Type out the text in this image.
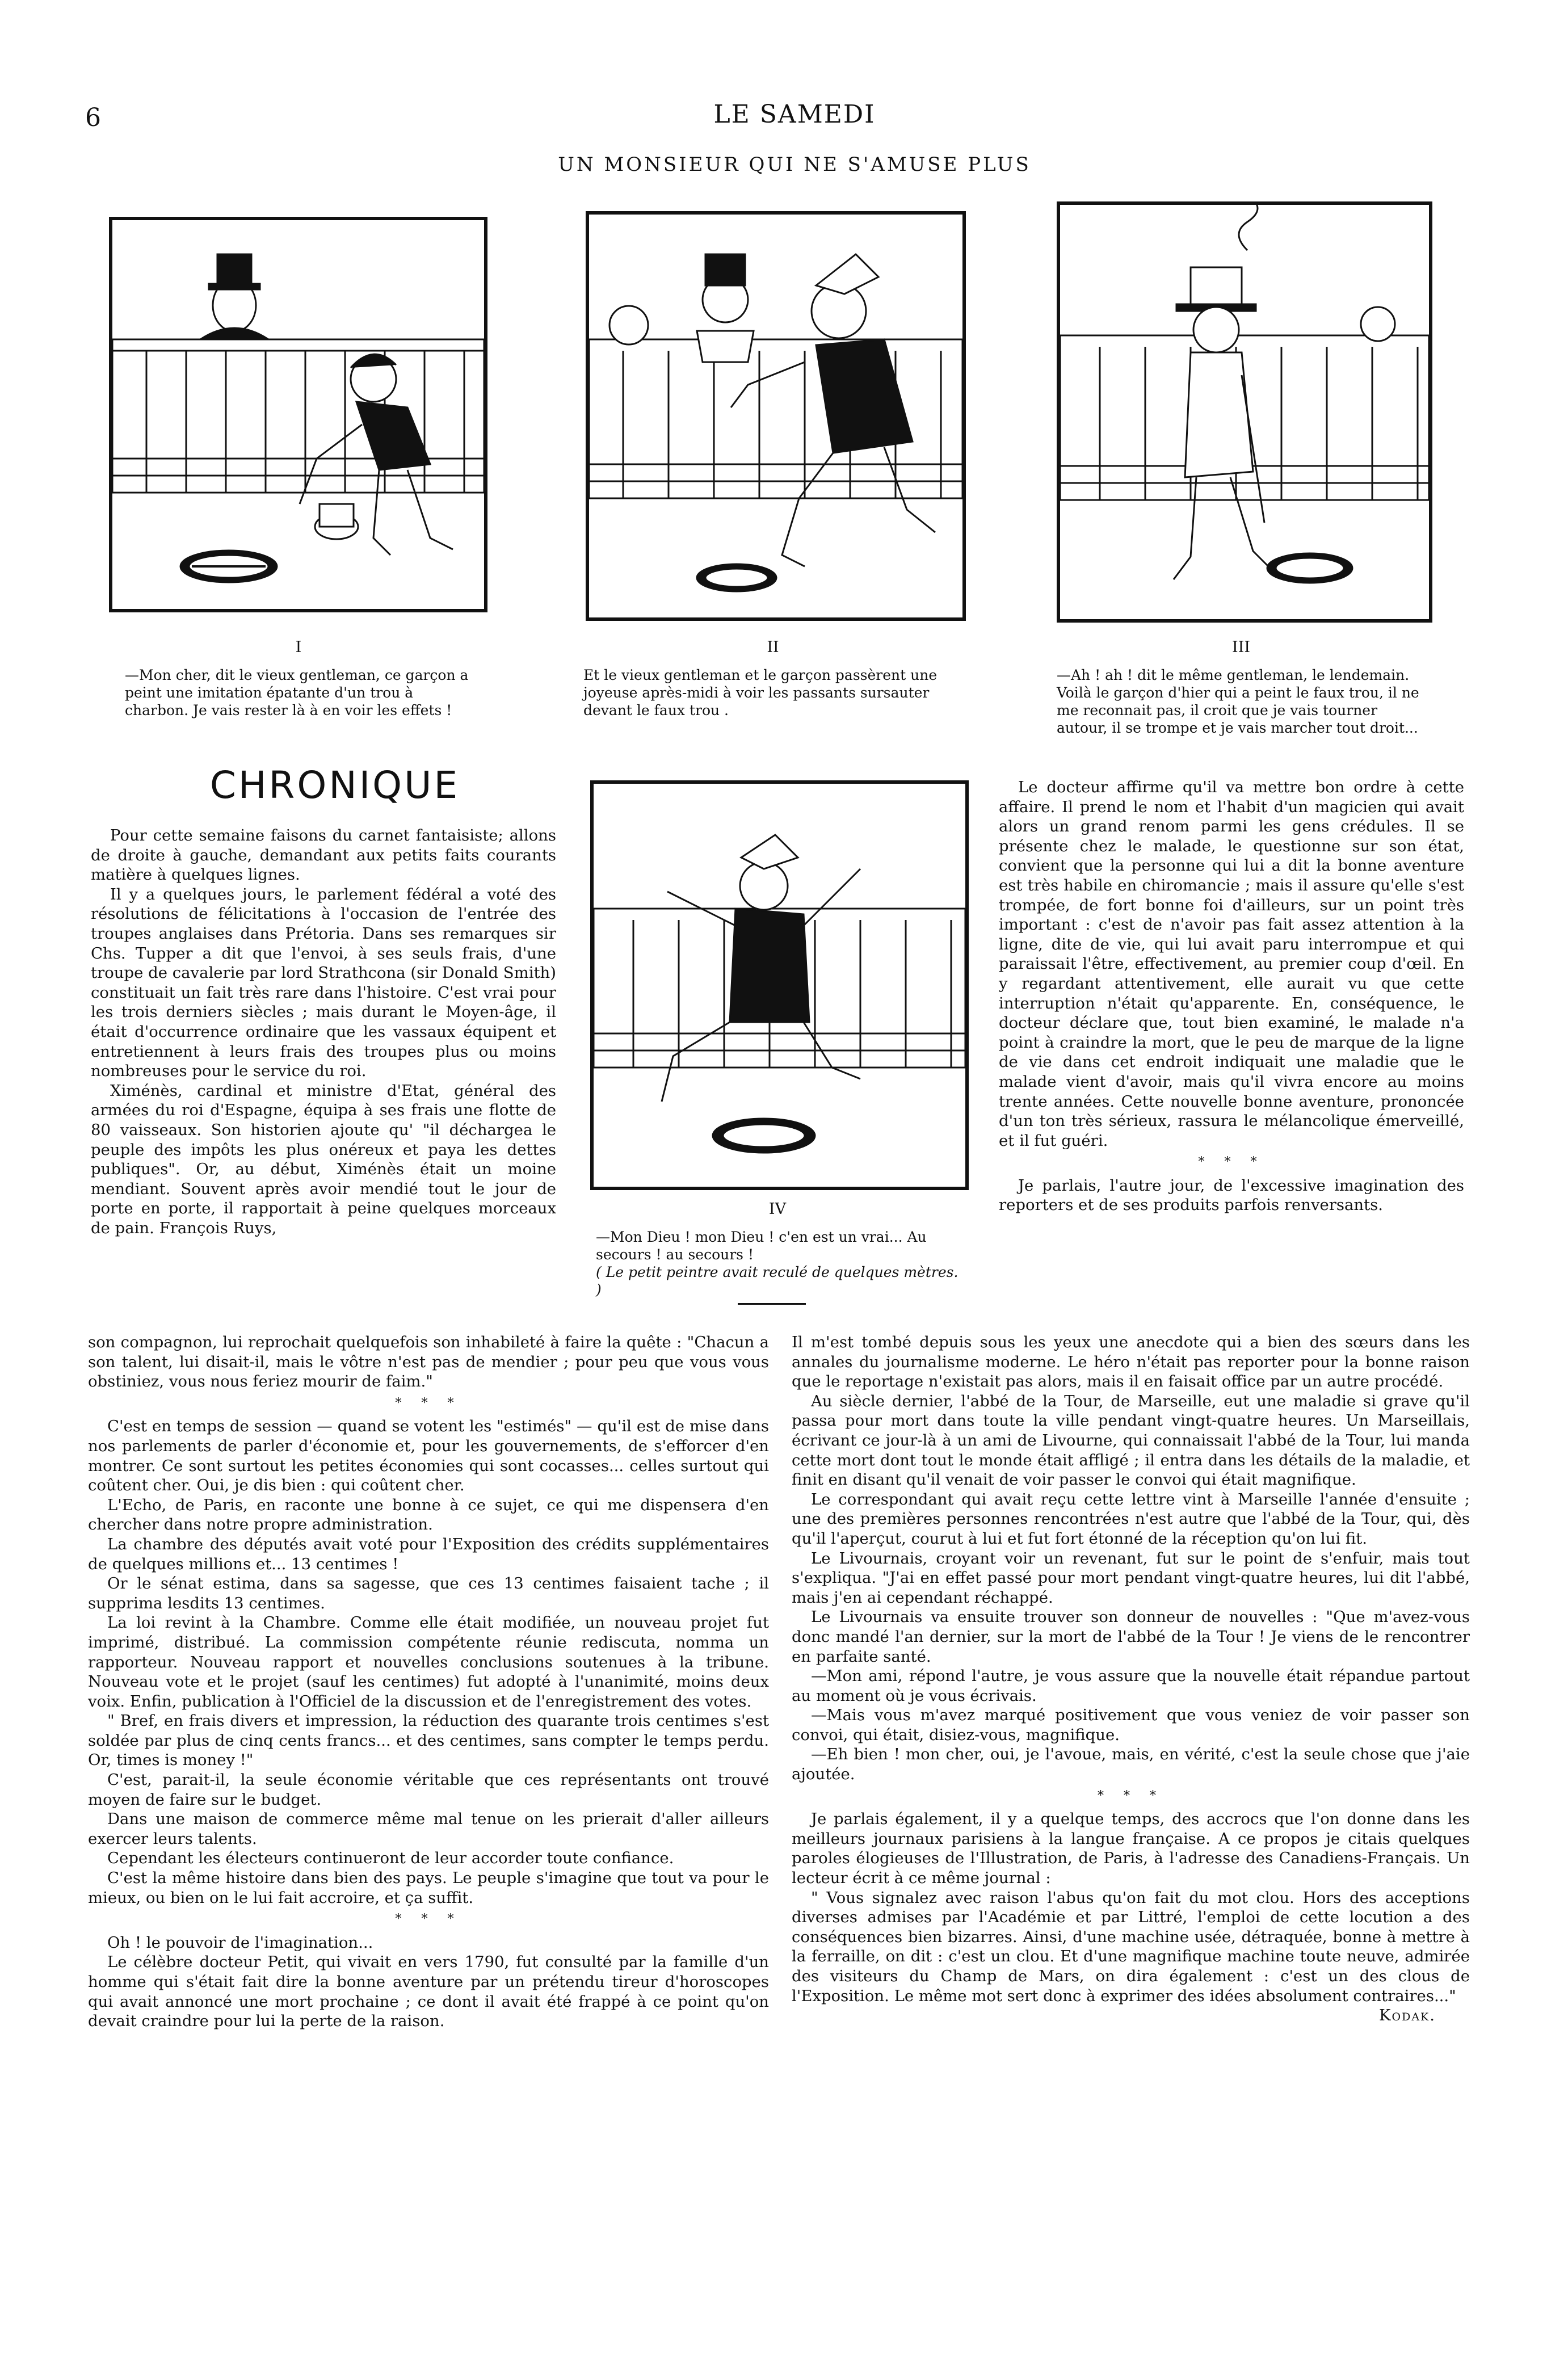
6	LE SAMEDI
UN MONSIEUR QUI NE S'AMUSE PLUS
I
—Mon cher, dit le vieux gentleman, ce garçon a peint une imitation épatante d'un trou à charbon. Je vais rester là à en voir les effets !
II
Et le vieux gentleman et le garçon passèrent une joyeuse après-midi à voir les passants sursauter devant le faux trou .
III
—Ah ! ah ! dit le même gentleman, le lendemain. Voilà le garçon d'hier qui a peint le faux trou, il ne me reconnait pas, il croit que je vais tourner autour, il se trompe et je vais marcher tout droit...
IV
—Mon Dieu ! mon Dieu ! c'en est un vrai... Au secours ! au secours !
( Le petit peintre avait reculé de quelques mètres. )
CHRONIQUE

Pour cette semaine faisons du carnet fantaisiste; allons de droite à gauche, demandant aux petits faits courants matière à quelques lignes.

Il y a quelques jours, le parlement fédéral a voté des résolutions de félicitations à l'occasion de l'entrée des troupes anglaises dans Prétoria. Dans ses remarques sir Chs. Tupper a dit que l'envoi, à ses seuls frais, d'une troupe de cavalerie par lord Strathcona (sir Donald Smith) constituait un fait très rare dans l'histoire. C'est vrai pour les trois derniers siècles ; mais durant le Moyen-âge, il était d'occurrence ordinaire que les vassaux équipent et entretiennent à leurs frais des troupes plus ou moins nombreuses pour le service du roi.

Ximénès, cardinal et ministre d'Etat, général des armées du roi d'Espagne, équipa à ses frais une flotte de 80 vaisseaux. Son historien ajoute qu' "il déchargea le peuple des impôts les plus onéreux et paya les dettes publiques". Or, au début, Ximénès était un moine mendiant. Souvent après avoir mendié tout le jour de porte en porte, il rapportait à peine quelques morceaux de pain. François Ruys,

Le docteur affirme qu'il va mettre bon ordre à cette affaire. Il prend le nom et l'habit d'un magicien qui avait alors un grand renom parmi les gens crédules. Il se présente chez le malade, le questionne sur son état, convient que la personne qui lui a dit la bonne aventure est très habile en chiromancie ; mais il assure qu'elle s'est trompée, de fort bonne foi d'ailleurs, sur un point très important : c'est de n'avoir pas fait assez attention à la ligne, dite de vie, qui lui avait paru interrompue et qui paraissait l'être, effectivement, au premier coup d'œil. En y regardant attentivement, elle aurait vu que cette interruption n'était qu'apparente. En, conséquence, le docteur déclare que, tout bien examiné, le malade n'a point à craindre la mort, que le peu de marque de la ligne de vie dans cet endroit indiquait une maladie que le malade vient d'avoir, mais qu'il vivra encore au moins trente années. Cette nouvelle bonne aventure, prononcée d'un ton très sérieux, rassura le mélancolique émerveillé, et il fut guéri.

* * *

Je parlais, l'autre jour, de l'excessive imagination des reporters et de ses produits parfois renversants.

son compagnon, lui reprochait quelquefois son inhabileté à faire la quête : "Chacun a son talent, lui disait-il, mais le vôtre n'est pas de mendier ; pour peu que vous vous obstiniez, vous nous feriez mourir de faim."

* * *

C'est en temps de session — quand se votent les "estimés" — qu'il est de mise dans nos parlements de parler d'économie et, pour les gouvernements, de s'efforcer d'en montrer. Ce sont surtout les petites économies qui sont cocasses... celles surtout qui coûtent cher. Oui, je dis bien : qui coûtent cher.

L'Echo, de Paris, en raconte une bonne à ce sujet, ce qui me dispensera d'en chercher dans notre propre administration.

La chambre des députés avait voté pour l'Exposition des crédits supplémentaires de quelques millions et... 13 centimes !

Or le sénat estima, dans sa sagesse, que ces 13 centimes faisaient tache ; il supprima lesdits 13 centimes.

La loi revint à la Chambre. Comme elle était modifiée, un nouveau projet fut imprimé, distribué. La commission compétente réunie rediscuta, nomma un rapporteur. Nouveau rapport et nouvelles conclusions soutenues à la tribune. Nouveau vote et le projet (sauf les centimes) fut adopté à l'unanimité, moins deux voix. Enfin, publication à l'Officiel de la discussion et de l'enregistrement des votes.

" Bref, en frais divers et impression, la réduction des quarante trois centimes s'est soldée par plus de cinq cents francs... et des centimes, sans compter le temps perdu. Or, times is money !"

C'est, parait-il, la seule économie véritable que ces représentants ont trouvé moyen de faire sur le budget.

Dans une maison de commerce même mal tenue on les prierait d'aller ailleurs exercer leurs talents.

Cependant les électeurs continueront de leur accorder toute confiance.

C'est la même histoire dans bien des pays. Le peuple s'imagine que tout va pour le mieux, ou bien on le lui fait accroire, et ça suffit.

* * *

Oh ! le pouvoir de l'imagination...

Le célèbre docteur Petit, qui vivait en vers 1790, fut consulté par la famille d'un homme qui s'était fait dire la bonne aventure par un prétendu tireur d'horoscopes qui avait annoncé une mort prochaine ; ce dont il avait été frappé à ce point qu'on devait craindre pour lui la perte de la raison.

Il m'est tombé depuis sous les yeux une anecdote qui a bien des sœurs dans les annales du journalisme moderne. Le héro n'était pas reporter pour la bonne raison que le reportage n'existait pas alors, mais il en faisait office par un autre procédé.

Au siècle dernier, l'abbé de la Tour, de Marseille, eut une maladie si grave qu'il passa pour mort dans toute la ville pendant vingt-quatre heures. Un Marseillais, écrivant ce jour-là à un ami de Livourne, qui connaissait l'abbé de la Tour, lui manda cette mort dont tout le monde était affligé ; il entra dans les détails de la maladie, et finit en disant qu'il venait de voir passer le convoi qui était magnifique.

Le correspondant qui avait reçu cette lettre vint à Marseille l'année d'ensuite ; une des premières personnes rencontrées n'est autre que l'abbé de la Tour, qui, dès qu'il l'aperçut, courut à lui et fut fort étonné de la réception qu'on lui fit.

Le Livournais, croyant voir un revenant, fut sur le point de s'enfuir, mais tout s'expliqua. "J'ai en effet passé pour mort pendant vingt-quatre heures, lui dit l'abbé, mais j'en ai cependant réchappé.

Le Livournais va ensuite trouver son donneur de nouvelles : "Que m'avez-vous donc mandé l'an dernier, sur la mort de l'abbé de la Tour ! Je viens de le rencontrer en parfaite santé.

—Mon ami, répond l'autre, je vous assure que la nouvelle était répandue partout au moment où je vous écrivais.

—Mais vous m'avez marqué positivement que vous veniez de voir passer son convoi, qui était, disiez-vous, magnifique.

—Eh bien ! mon cher, oui, je l'avoue, mais, en vérité, c'est la seule chose que j'aie ajoutée.

* * *

Je parlais également, il y a quelque temps, des accrocs que l'on donne dans les meilleurs journaux parisiens à la langue française. A ce propos je citais quelques paroles élogieuses de l'Illustration, de Paris, à l'adresse des Canadiens-Français. Un lecteur écrit à ce même journal :

" Vous signalez avec raison l'abus qu'on fait du mot clou. Hors des acceptions diverses admises par l'Académie et par Littré, l'emploi de cette locution a des conséquences bien bizarres. Ainsi, d'une machine usée, détraquée, bonne à mettre à la ferraille, on dit : c'est un clou. Et d'une magnifique machine toute neuve, admirée des visiteurs du Champ de Mars, on dira également : c'est un des clous de l'Exposition. Le même mot sert donc à exprimer des idées absolument contraires..."

Kodak.
